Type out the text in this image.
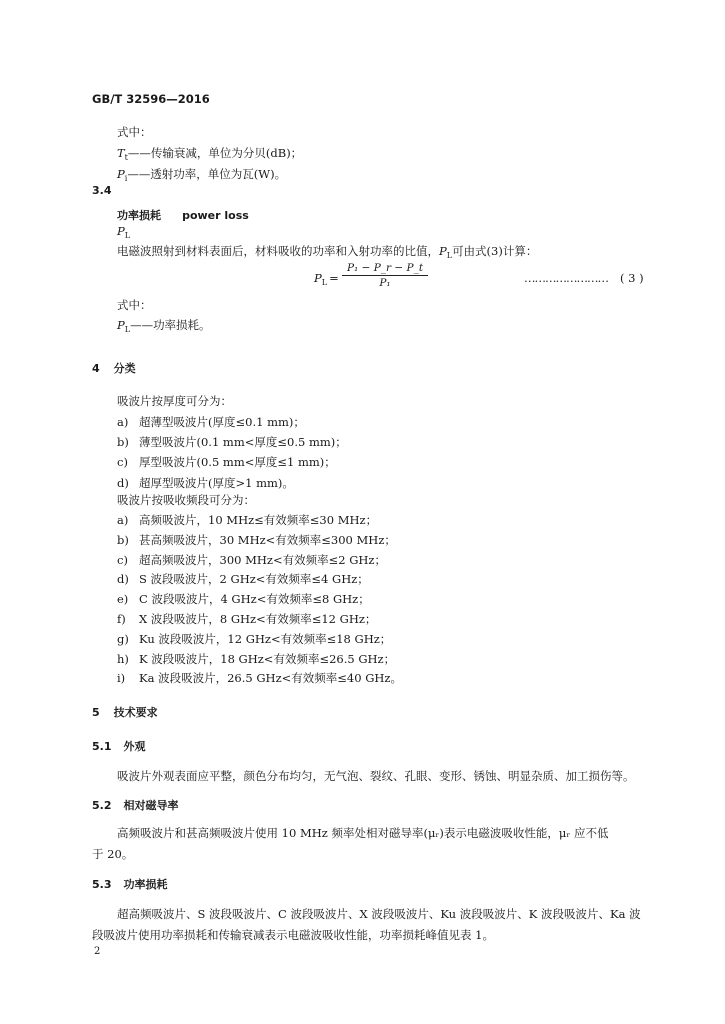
GB/T 32596—2016
式中：
$T_t——$传输衰减，单位为分贝(dB)；
$P_i——$透射功率，单位为瓦(W)。
3.4
功率损耗 power loss
$P_L$
电磁波照射到材料表面后，材料吸收的功率和入射功率的比值，$P_L$可由式(3)计算：
$P_L = \frac{\text{P₁ − P\_r − P\_t}}{\text{P₁}}$	…………………… ( 3 )
式中：
$P_L——$功率损耗。
4 分类
吸波片按厚度可分为：
a) 超薄型吸波片(厚度≤0.1 mm)；
b) 薄型吸波片(0.1 mm<厚度≤0.5 mm)；
c) 厚型吸波片(0.5 mm<厚度≤1 mm)；
d) 超厚型吸波片(厚度>1 mm)。
吸波片按吸收频段可分为：
a) 高频吸波片，10 MHz≤有效频率≤30 MHz；
b) 甚高频吸波片，30 MHz<有效频率≤300 MHz；
c) 超高频吸波片，300 MHz<有效频率≤2 GHz；
d) S 波段吸波片，2 GHz<有效频率≤4 GHz；
e) C 波段吸波片，4 GHz<有效频率≤8 GHz；
f) X 波段吸波片，8 GHz<有效频率≤12 GHz；
g) Ku 波段吸波片，12 GHz<有效频率≤18 GHz；
h) K 波段吸波片，18 GHz<有效频率≤26.5 GHz；
i) Ka 波段吸波片，26.5 GHz<有效频率≤40 GHz。
5 技术要求
5.1 外观
吸波片外观表面应平整，颜色分布均匀，无气泡、裂纹、孔眼、变形、锈蚀、明显杂质、加工损伤等。
5.2 相对磁导率
高频吸波片和甚高频吸波片使用 10 MHz 频率处相对磁导率(μᵣ)表示电磁波吸收性能，μᵣ 应不低
于 20。
5.3 功率损耗
超高频吸波片、S 波段吸波片、C 波段吸波片、X 波段吸波片、Ku 波段吸波片、K 波段吸波片、Ka 波
段吸波片使用功率损耗和传输衰减表示电磁波吸收性能，功率损耗峰值见表 1。
2
